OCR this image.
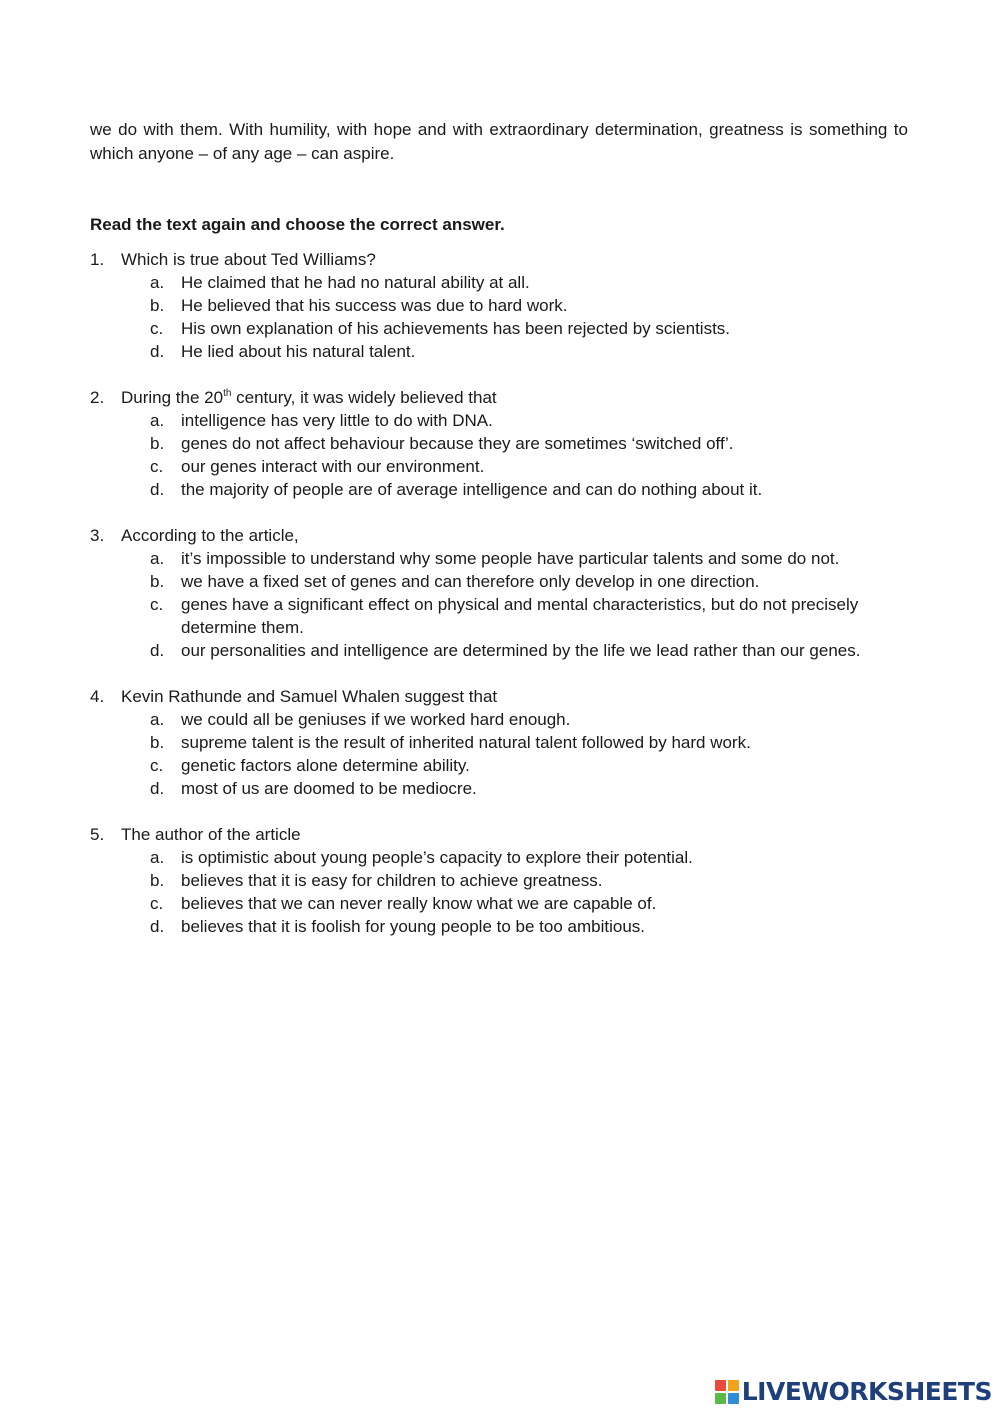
we do with them. With humility, with hope and with extraordinary determination, greatness is something to which anyone – of any age – can aspire.

Read the text again and choose the correct answer.

1. Which is true about Ted Williams?
a. He claimed that he had no natural ability at all.
b. He believed that his success was due to hard work.
c.	His own explanation of his achievements has been rejected by scientists.
d. He lied about his natural talent.
2. During the 20th century, it was widely believed that
a. intelligence has very little to do with DNA.
b. genes do not affect behaviour because they are sometimes ‘switched off’.
c.	our genes interact with our environment.
d. the majority of people are of average intelligence and can do nothing about it.
3. According to the article,
a. it’s impossible to understand why some people have particular talents and some do not.
b. we have a fixed set of genes and can therefore only develop in one direction.
c.	genes have a significant effect on physical and mental characteristics, but do not precisely determine them.
d. our personalities and intelligence are determined by the life we lead rather than our genes.
4. Kevin Rathunde and Samuel Whalen suggest that
a. we could all be geniuses if we worked hard enough.
b. supreme talent is the result of inherited natural talent followed by hard work.
c.	genetic factors alone determine ability.
d. most of us are doomed to be mediocre.
5. The author of the article
a. is optimistic about young people’s capacity to explore their potential.
b. believes that it is easy for children to achieve greatness.
c.	believes that we can never really know what we are capable of.
d. believes that it is foolish for young people to be too ambitious.
LIVEWORKSHEETS
